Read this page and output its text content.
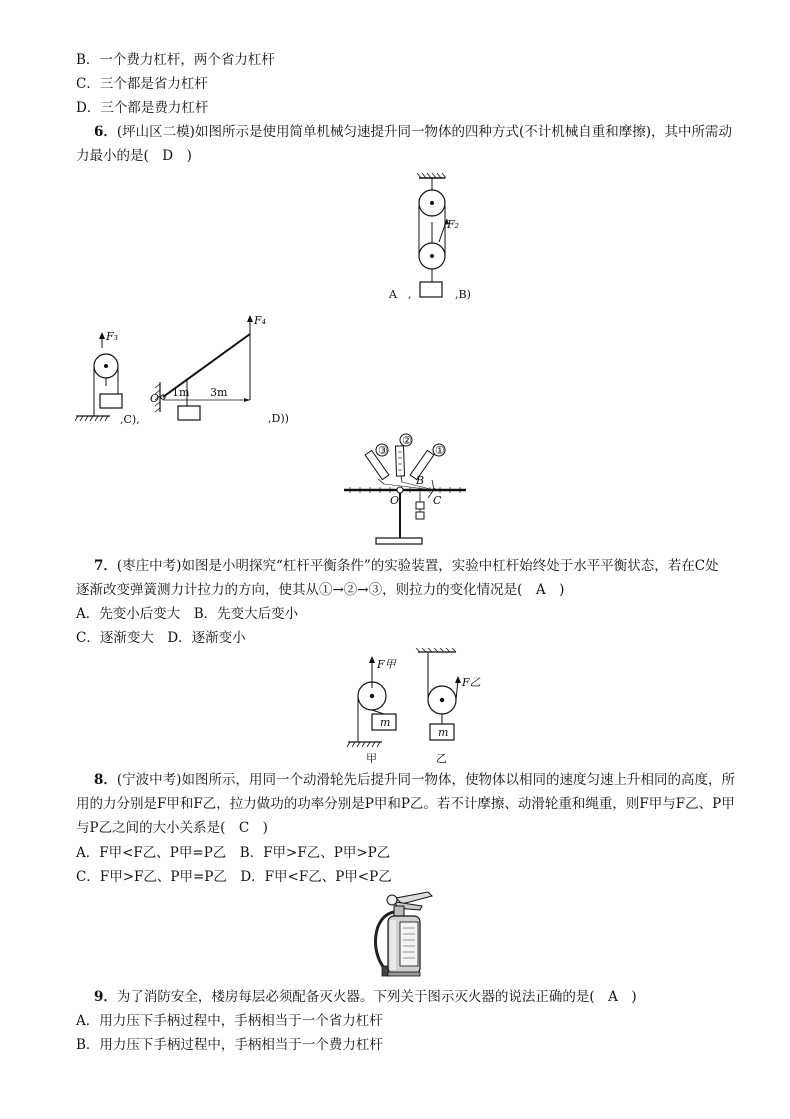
B．一个费力杠杆，两个省力杠杆
C．三个都是省力杠杆
D．三个都是费力杠杆
6．(坪山区二模)如图所示是使用简单机械匀速提升同一物体的四种方式(不计机械自重和摩擦)，其中所需动
力最小的是(　D　)
F₂
A　,	,B)
F₃
,C),
O
F₄
1m 3m
,D))
②
①
③
B
C
O
7．(枣庄中考)如图是小明探究“杠杆平衡条件”的实验装置，实验中杠杆始终处于水平平衡状态，若在C处
逐渐改变弹簧测力计拉力的方向，使其从①→②→③，则拉力的变化情况是(　A　)
A．先变小后变大　B．先变大后变小
C．逐渐变大　D．逐渐变小
F甲
m
甲
F乙
m
乙
8．(宁波中考)如图所示，用同一个动滑轮先后提升同一物体，使物体以相同的速度匀速上升相同的高度，所
用的力分别是F甲和F乙，拉力做功的功率分别是P甲和P乙。若不计摩擦、动滑轮重和绳重，则F甲与F乙、P甲
与P乙之间的大小关系是(　C　)
A．F甲<F乙、P甲=P乙　B．F甲>F乙、P甲>P乙
C．F甲>F乙、P甲=P乙　D．F甲<F乙、P甲<P乙
9．为了消防安全，楼房每层必须配备灭火器。下列关于图示灭火器的说法正确的是(　A　)
A．用力压下手柄过程中，手柄相当于一个省力杠杆
B．用力压下手柄过程中，手柄相当于一个费力杠杆
